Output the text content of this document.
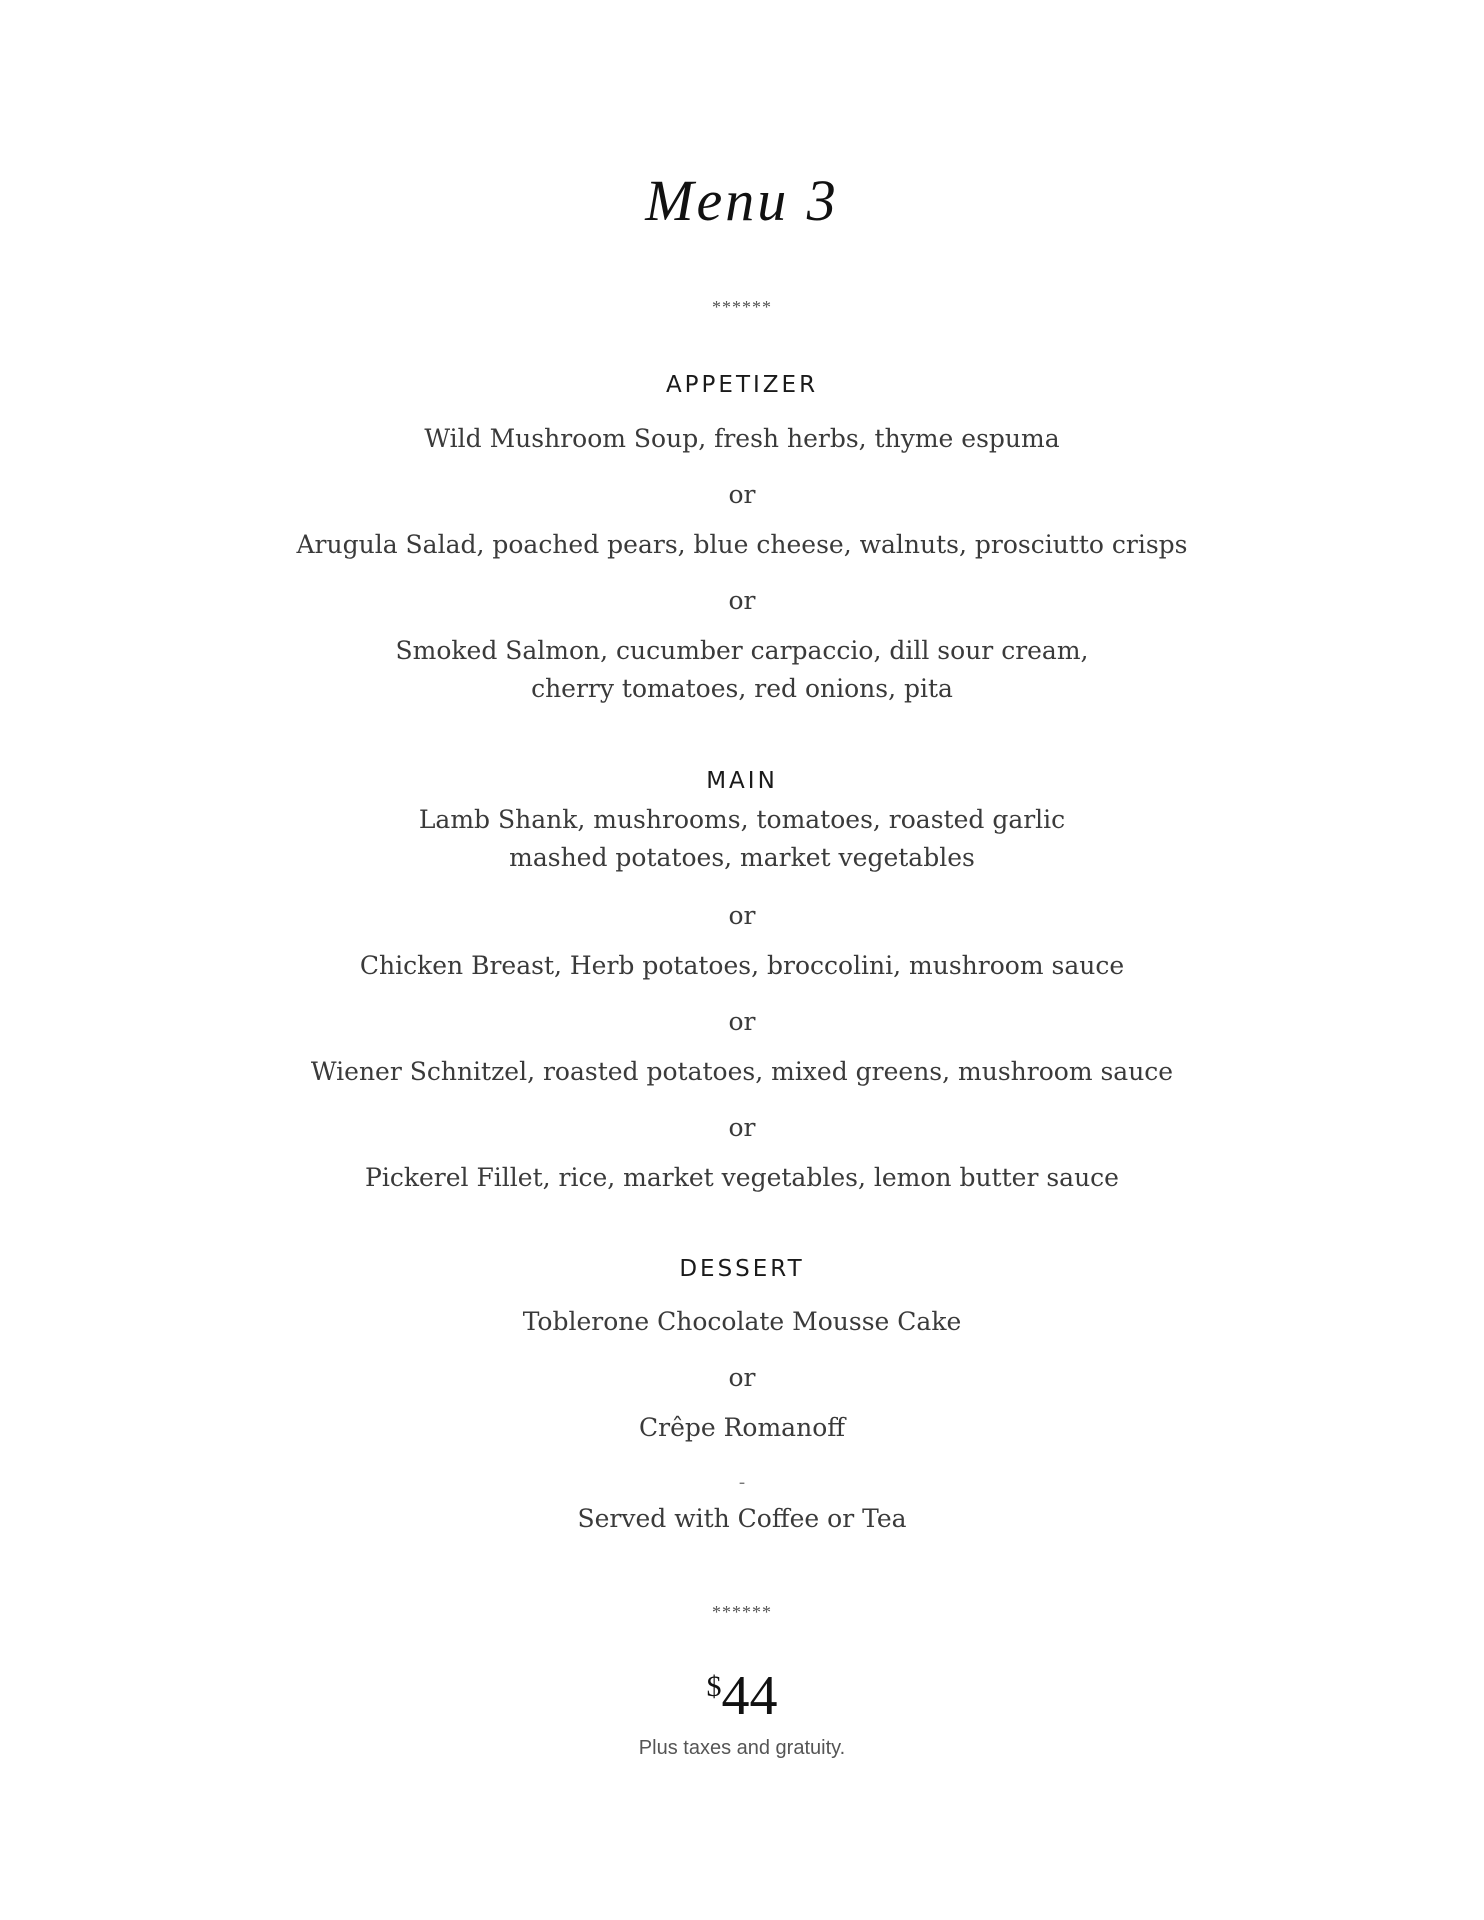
Menu 3
******
APPETIZER
Wild Mushroom Soup, fresh herbs, thyme espuma
or
Arugula Salad, poached pears, blue cheese, walnuts, prosciutto crisps
or
Smoked Salmon, cucumber carpaccio, dill sour cream,
cherry tomatoes, red onions, pita
MAIN
Lamb Shank, mushrooms, tomatoes, roasted garlic
mashed potatoes, market vegetables
or
Chicken Breast, Herb potatoes, broccolini, mushroom sauce
or
Wiener Schnitzel, roasted potatoes, mixed greens, mushroom sauce
or
Pickerel Fillet, rice, market vegetables, lemon butter sauce
DESSERT
Toblerone Chocolate Mousse Cake
or
Crêpe Romanoff
-
Served with Coffee or Tea
******
$44
Plus taxes and gratuity.
